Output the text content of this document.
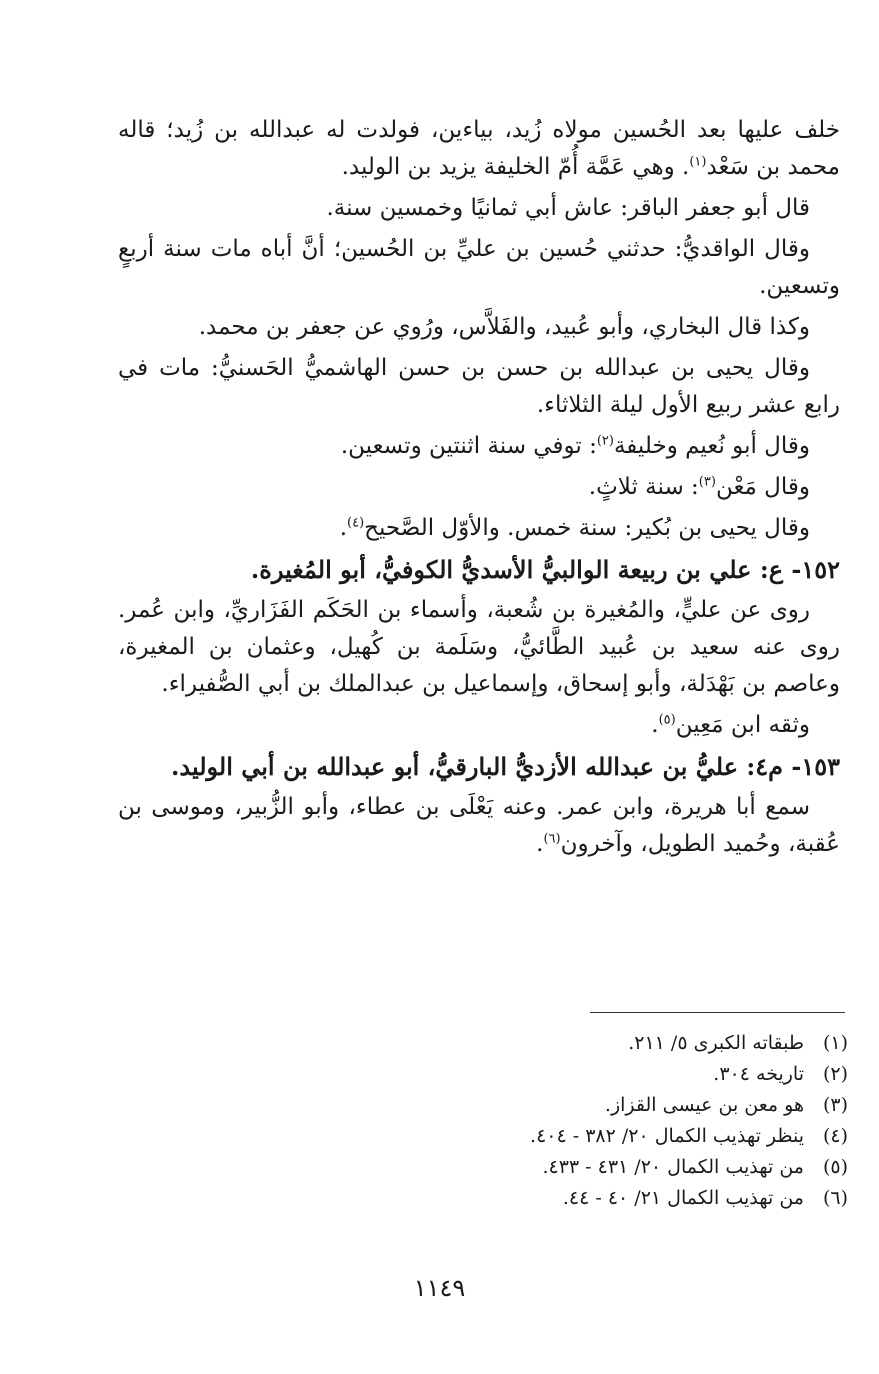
خلف عليها بعد الحُسين مولاه زُيد، بياءين، فولدت له عبدالله بن زُيد؛ قاله محمد بن سَعْد$^{(١)}$. وهي عَمَّة أُمّ الخليفة يزيد بن الوليد.

قال أبو جعفر الباقر: عاش أبي ثمانيًا وخمسين سنة.

وقال الواقديُّ: حدثني حُسين بن عليِّ بن الحُسين؛ أنَّ أباه مات سنة أربعٍ وتسعين.

وكذا قال البخاري، وأبو عُبيد، والفَلاَّس، ورُوي عن جعفر بن محمد.

وقال يحيى بن عبدالله بن حسن بن حسن الهاشميُّ الحَسنيُّ: مات في رابع عشر ربيع الأول ليلة الثلاثاء.

وقال أبو نُعيم وخليفة$^{(٢)}$: توفي سنة اثنتين وتسعين.

وقال مَعْن$^{(٣)}$: سنة ثلاثٍ.

وقال يحيى بن بُكير: سنة خمس. والأوّل الصَّحيح$^{(٤)}$.

١٥٢- ع: علي بن ربيعة الوالبيُّ الأسديُّ الكوفيُّ، أبو المُغيرة.

روى عن عليٍّ، والمُغيرة بن شُعبة، وأسماء بن الحَكَم الفَزَاريِّ، وابن عُمر. روى عنه سعيد بن عُبيد الطَّائيُّ، وسَلَمة بن كُهيل، وعثمان بن المغيرة، وعاصم بن بَهْدَلة، وأبو إسحاق، وإسماعيل بن عبدالملك بن أبي الصُّفيراء.

وثقه ابن مَعِين$^{(٥)}$.

١٥٣- م٤: عليُّ بن عبدالله الأزديُّ البارقيُّ، أبو عبدالله بن أبي الوليد.

سمع أبا هريرة، وابن عمر. وعنه يَعْلَى بن عطاء، وأبو الزُّبير، وموسى بن عُقبة، وحُميد الطويل، وآخرون$^{(٦)}$.

(١)
طبقاته الكبرى ٥/ ٢١١.
(٢)
تاريخه ٣٠٤.
(٣)
هو معن بن عيسى القزاز.
(٤)
ينظر تهذيب الكمال ٢٠/ ٣٨٢ - ٤٠٤.
(٥)
من تهذيب الكمال ٢٠/ ٤٣١ - ٤٣٣.
(٦)
من تهذيب الكمال ٢١/ ٤٠ - ٤٤.
١١٤٩
